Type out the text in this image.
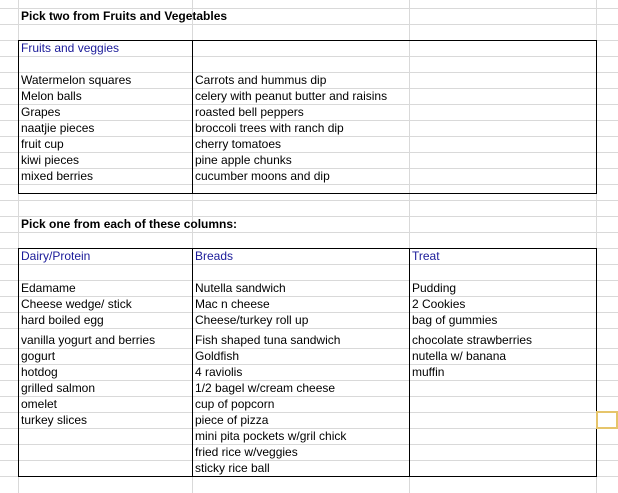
Pick two from Fruits and Vegetables
Fruits and veggies
Watermelon squares
Melon balls
Grapes
naatjie pieces
fruit cup
kiwi pieces
mixed berries
Carrots and hummus dip
celery with peanut butter and raisins
roasted bell peppers
broccoli trees with ranch dip
cherry tomatoes
pine apple chunks
cucumber moons and dip
Pick one from each of these columns:
Dairy/Protein	Breads	Treat
Edamame
Cheese wedge/ stick
hard boiled egg
vanilla yogurt and berries
gogurt
hotdog
grilled salmon
omelet
turkey slices
Nutella sandwich
Mac n cheese
Cheese/turkey roll up
Fish shaped tuna sandwich
Goldfish
4 raviolis
1/2 bagel w/cream cheese
cup of popcorn
piece of pizza
mini pita pockets w/gril chick
fried rice w/veggies
sticky rice ball
Pudding
2 Cookies
bag of gummies
chocolate strawberries
nutella w/ banana
muffin
